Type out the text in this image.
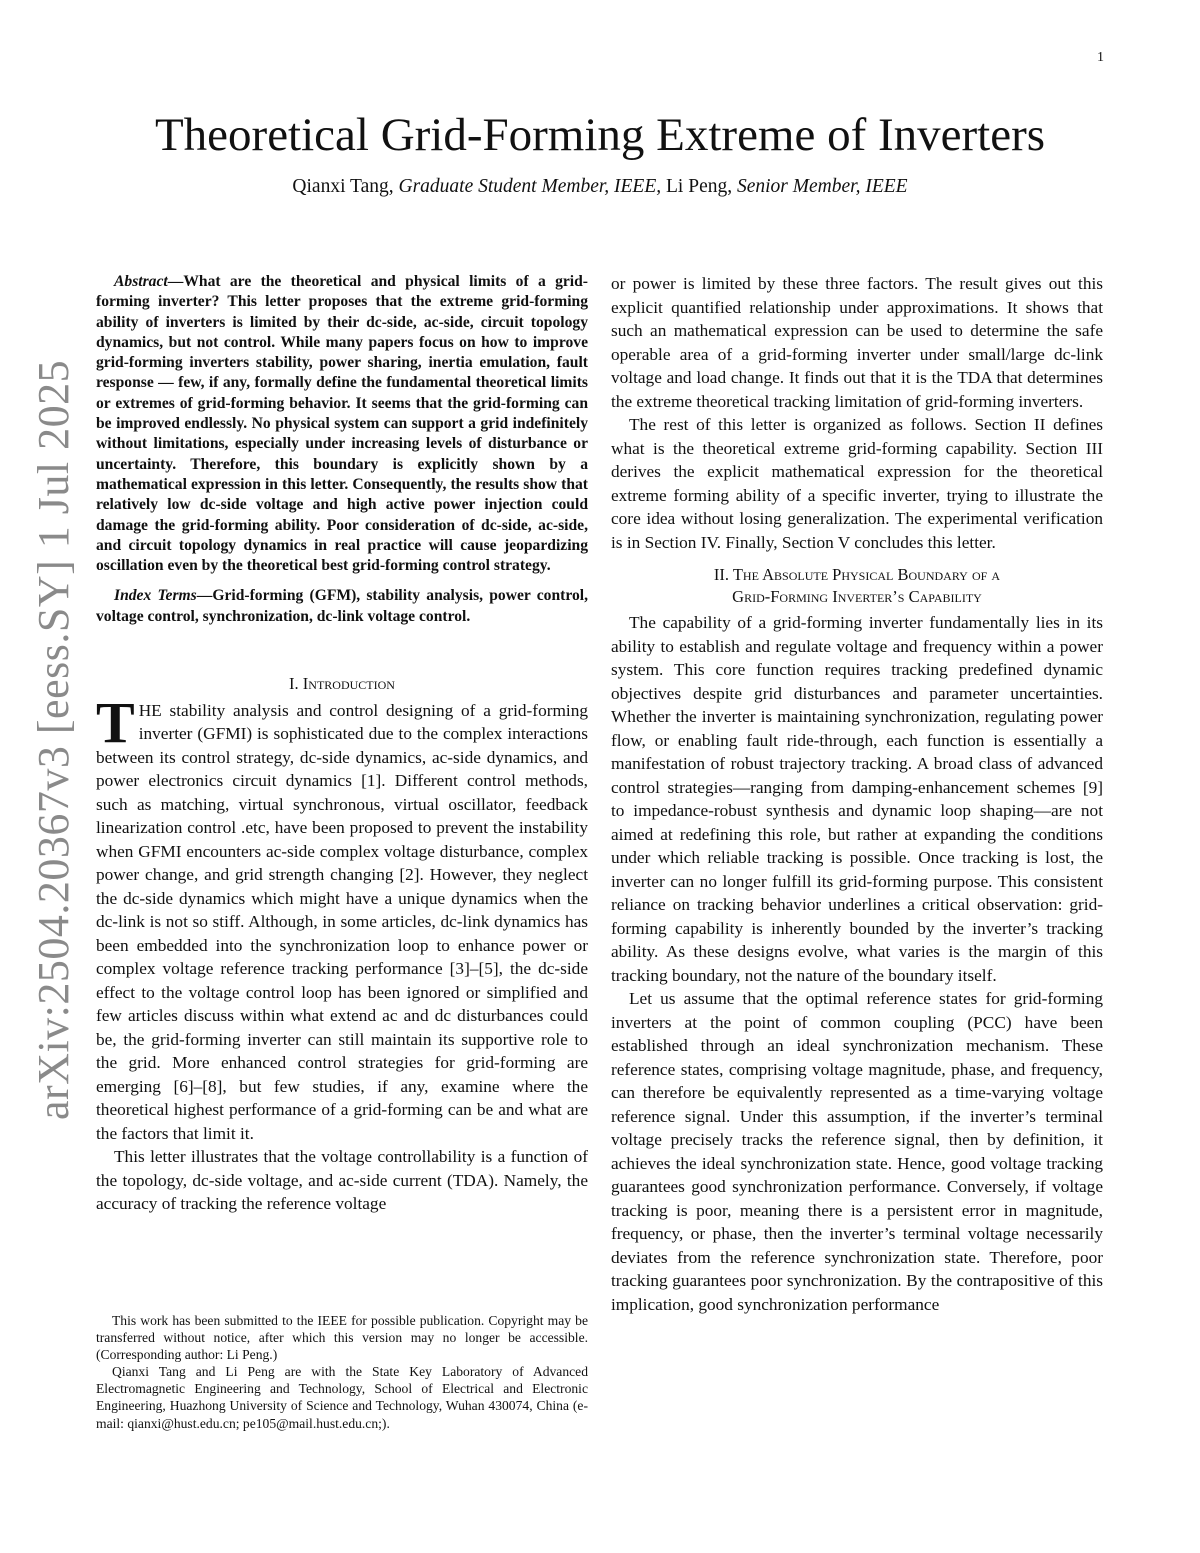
1
arXiv:2504.20367v3 [eess.SY] 1 Jul 2025
Theoretical Grid-Forming Extreme of Inverters
Qianxi Tang, Graduate Student Member, IEEE, Li Peng, Senior Member, IEEE

Abstract—What are the theoretical and physical limits of a grid-forming inverter? This letter proposes that the extreme grid-forming ability of inverters is limited by their dc-side, ac-side, circuit topology dynamics, but not control. While many papers focus on how to improve grid-forming inverters stability, power sharing, inertia emulation, fault response — few, if any, formally define the fundamental theoretical limits or extremes of grid-forming behavior. It seems that the grid-forming can be improved endlessly. No physical system can support a grid indefinitely without limitations, especially under increasing levels of disturbance or uncertainty. Therefore, this boundary is explicitly shown by a mathematical expression in this letter. Consequently, the results show that relatively low dc-side voltage and high active power injection could damage the grid-forming ability. Poor consideration of dc-side, ac-side, and circuit topology dynamics in real practice will cause jeopardizing oscillation even by the theoretical best grid-forming control strategy.

Index Terms—Grid-forming (GFM), stability analysis, power control, voltage control, synchronization, dc-link voltage control.

I. Introduction

THE stability analysis and control designing of a grid-forming inverter (GFMI) is sophisticated due to the complex interactions between its control strategy, dc-side dynamics, ac-side dynamics, and power electronics circuit dynamics [1]. Different control methods, such as matching, virtual synchronous, virtual oscillator, feedback linearization control .etc, have been proposed to prevent the instability when GFMI encounters ac-side complex voltage disturbance, complex power change, and grid strength changing [2]. However, they neglect the dc-side dynamics which might have a unique dynamics when the dc-link is not so stiff. Although, in some articles, dc-link dynamics has been embedded into the synchronization loop to enhance power or complex voltage reference tracking performance [3]–[5], the dc-side effect to the voltage control loop has been ignored or simplified and few articles discuss within what extend ac and dc disturbances could be, the grid-forming inverter can still maintain its supportive role to the grid. More enhanced control strategies for grid-forming are emerging [6]–[8], but few studies, if any, examine where the theoretical highest performance of a grid-forming can be and what are the factors that limit it.

This letter illustrates that the voltage controllability is a function of the topology, dc-side voltage, and ac-side current (TDA). Namely, the accuracy of tracking the reference voltage

This work has been submitted to the IEEE for possible publication. Copyright may be transferred without notice, after which this version may no longer be accessible. (Corresponding author: Li Peng.)

Qianxi Tang and Li Peng are with the State Key Laboratory of Advanced Electromagnetic Engineering and Technology, School of Electrical and Electronic Engineering, Huazhong University of Science and Technology, Wuhan 430074, China (e-mail: qianxi@hust.edu.cn; pe105@mail.hust.edu.cn;).

or power is limited by these three factors. The result gives out this explicit quantified relationship under approximations. It shows that such an mathematical expression can be used to determine the safe operable area of a grid-forming inverter under small/large dc-link voltage and load change. It finds out that it is the TDA that determines the extreme theoretical tracking limitation of grid-forming inverters.

The rest of this letter is organized as follows. Section II defines what is the theoretical extreme grid-forming capability. Section III derives the explicit mathematical expression for the theoretical extreme forming ability of a specific inverter, trying to illustrate the core idea without losing generalization. The experimental verification is in Section IV. Finally, Section V concludes this letter.

II. The Absolute Physical Boundary of a
Grid-Forming Inverter’s Capability

The capability of a grid-forming inverter fundamentally lies in its ability to establish and regulate voltage and frequency within a power system. This core function requires tracking predefined dynamic objectives despite grid disturbances and parameter uncertainties. Whether the inverter is maintaining synchronization, regulating power flow, or enabling fault ride-through, each function is essentially a manifestation of robust trajectory tracking. A broad class of advanced control strategies—ranging from damping-enhancement schemes [9] to impedance-robust synthesis and dynamic loop shaping—are not aimed at redefining this role, but rather at expanding the conditions under which reliable tracking is possible. Once tracking is lost, the inverter can no longer fulfill its grid-forming purpose. This consistent reliance on tracking behavior underlines a critical observation: grid-forming capability is inherently bounded by the inverter’s tracking ability. As these designs evolve, what varies is the margin of this tracking boundary, not the nature of the boundary itself.

Let us assume that the optimal reference states for grid-forming inverters at the point of common coupling (PCC) have been established through an ideal synchronization mechanism. These reference states, comprising voltage magnitude, phase, and frequency, can therefore be equivalently represented as a time-varying voltage reference signal. Under this assumption, if the inverter’s terminal voltage precisely tracks the reference signal, then by definition, it achieves the ideal synchronization state. Hence, good voltage tracking guarantees good synchronization performance. Conversely, if voltage tracking is poor, meaning there is a persistent error in magnitude, frequency, or phase, then the inverter’s terminal voltage necessarily deviates from the reference synchronization state. Therefore, poor tracking guarantees poor synchronization. By the contrapositive of this implication, good synchronization performance
